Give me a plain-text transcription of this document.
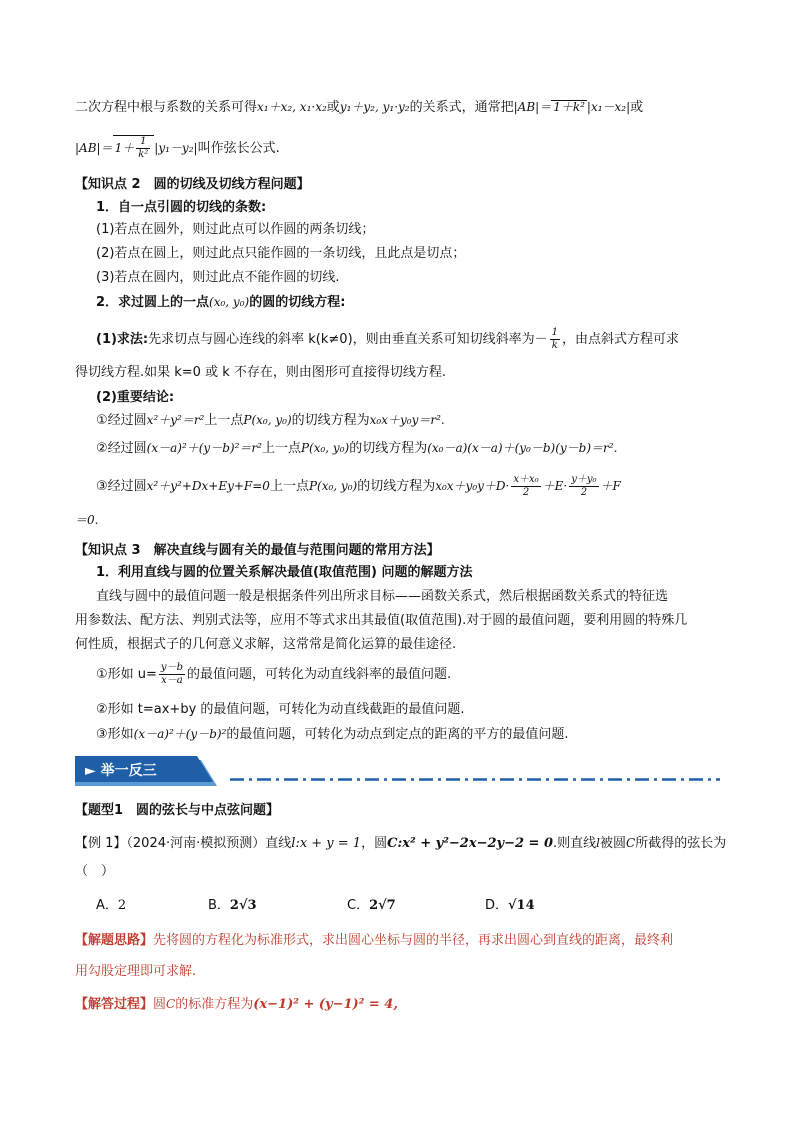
二次方程中根与系数的关系可得x₁＋x₂, x₁·x₂或y₁＋y₂, y₁·y₂的关系式，通常把|AB|＝ 1＋k² |x₁－x₂|或
$|AB|= 1+ \frac{1}{\text{k²}} |y_1-y_2|$叫作弦长公式.
【知识点 2　圆的切线及切线方程问题】
1．自一点引圆的切线的条数:
(1)若点在圆外，则过此点可以作圆的两条切线；
(2)若点在圆上，则过此点只能作圆的一条切线，且此点是切点；
(3)若点在圆内，则过此点不能作圆的切线.
2．求过圆上的一点(x₀, y₀)的圆的切线方程:
(1)求法:先求切点与圆心连线的斜率 k(k≠0)，则由垂直关系可知切线斜率为－ $\frac{1}{k}$ ，由点斜式方程可求
得切线方程.如果 k=0 或 k 不存在，则由图形可直接得切线方程.
(2)重要结论:
①经过圆x²＋y²＝r²上一点P(x₀, y₀)的切线方程为x₀x＋y₀y＝r².
②经过圆(x－a)²＋(y－b)²＝r²上一点P(x₀, y₀)的切线方程为(x₀－a)(x－a)＋(y₀－b)(y－b)＝r².
③经过圆x²＋y²+Dx+Ey+F=0上一点P(x₀, y₀)的切线方程为$x_0x+y_0y+D\cdot \frac{\text{x＋x₀}}{2} +E\cdot \frac{\text{y＋y₀}}{2} +F$
＝0.
【知识点 3　解决直线与圆有关的最值与范围问题的常用方法】
1．利用直线与圆的位置关系解决最值(取值范围) 问题的解题方法
直线与圆中的最值问题一般是根据条件列出所求目标——函数关系式，然后根据函数关系式的特征选
用参数法、配方法、判别式法等，应用不等式求出其最值(取值范围).对于圆的最值问题，要利用圆的特殊几
何性质，根据式子的几何意义求解，这常常是简化运算的最佳途径.
①形如 $u= \frac{y-b}{x-a}$ 的最值问题，可转化为动直线斜率的最值问题.
②形如 t=ax+by 的最值问题，可转化为动直线截距的最值问题.
③形如(x－a)²＋(y－b)²的最值问题，可转化为动点到定点的距离的平方的最值问题.
► 举一反三
【题型1　圆的弦长与中点弦问题】
【例 1】（2024·河南·模拟预测）直线l:x + y = 1，圆C:x² + y²−2x−2y−2 = 0.则直线l被圆C所截得的弦长为
（　）
A．2	B．2√3	C．2√7	D．√14
【解题思路】先将圆的方程化为标准形式，求出圆心坐标与圆的半径，再求出圆心到直线的距离，最终利
用勾股定理即可求解.
【解答过程】圆C的标准方程为(x−1)² + (y−1)² = 4,
